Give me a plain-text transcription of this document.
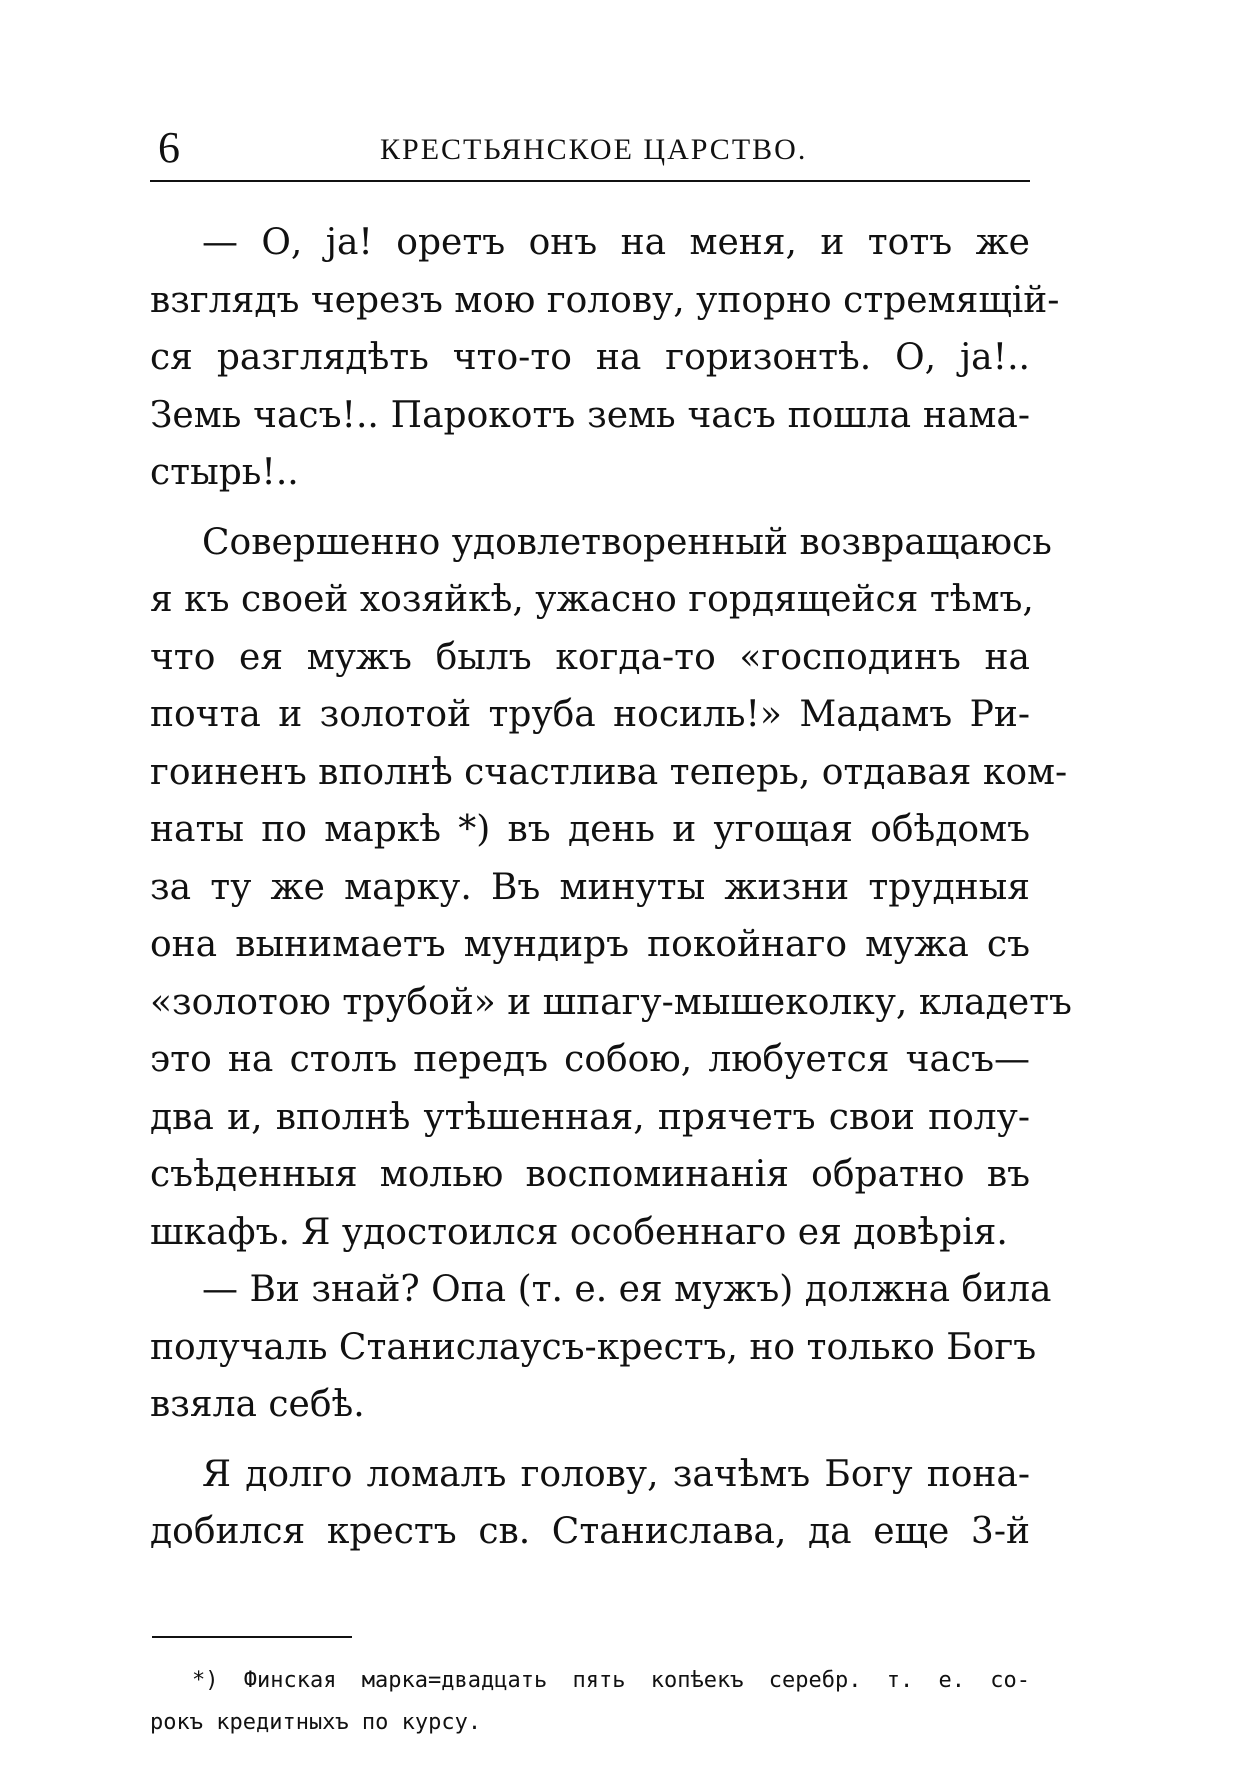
6	КРЕСТЬЯНСКОЕ ЦАРСТВО.
— О, ja! оретъ онъ на меня, и тотъ же
взглядъ черезъ мою голову, упорно стремящій-
ся разглядѣть что-то на горизонтѣ. О, ja!..
Земь часъ!.. Парокотъ земь часъ пошла нама-
стырь!..
Совершенно удовлетворенный возвращаюсь
я къ своей хозяйкѣ, ужасно гордящейся тѣмъ,
что ея мужъ былъ когда-то «господинъ на
почта и золотой труба носиль!» Мадамъ Ри-
гоиненъ вполнѣ счастлива теперь, отдавая ком-
наты по маркѣ *) въ день и угощая обѣдомъ
за ту же марку. Въ минуты жизни трудныя
она вынимаетъ мундиръ покойнаго мужа съ
«золотою трубой» и шпагу-мышеколку, кладетъ
это на столъ передъ собою, любуется часъ—
два и, вполнѣ утѣшенная, прячетъ свои полу-
съѣденныя молью воспоминанія обратно въ
шкафъ. Я удостоился особеннаго ея довѣрія.
— Ви знай? Опа (т. е. ея мужъ) должна била
получаль Станислаусъ-крестъ, но только Богъ
взяла себѣ.
Я долго ломалъ голову, зачѣмъ Богу пона-
добился крестъ св. Станислава, да еще 3-й
*) Финская марка=двадцать пять копѣекъ серебр. т. е. со-
рокъ кредитныхъ по курсу.
